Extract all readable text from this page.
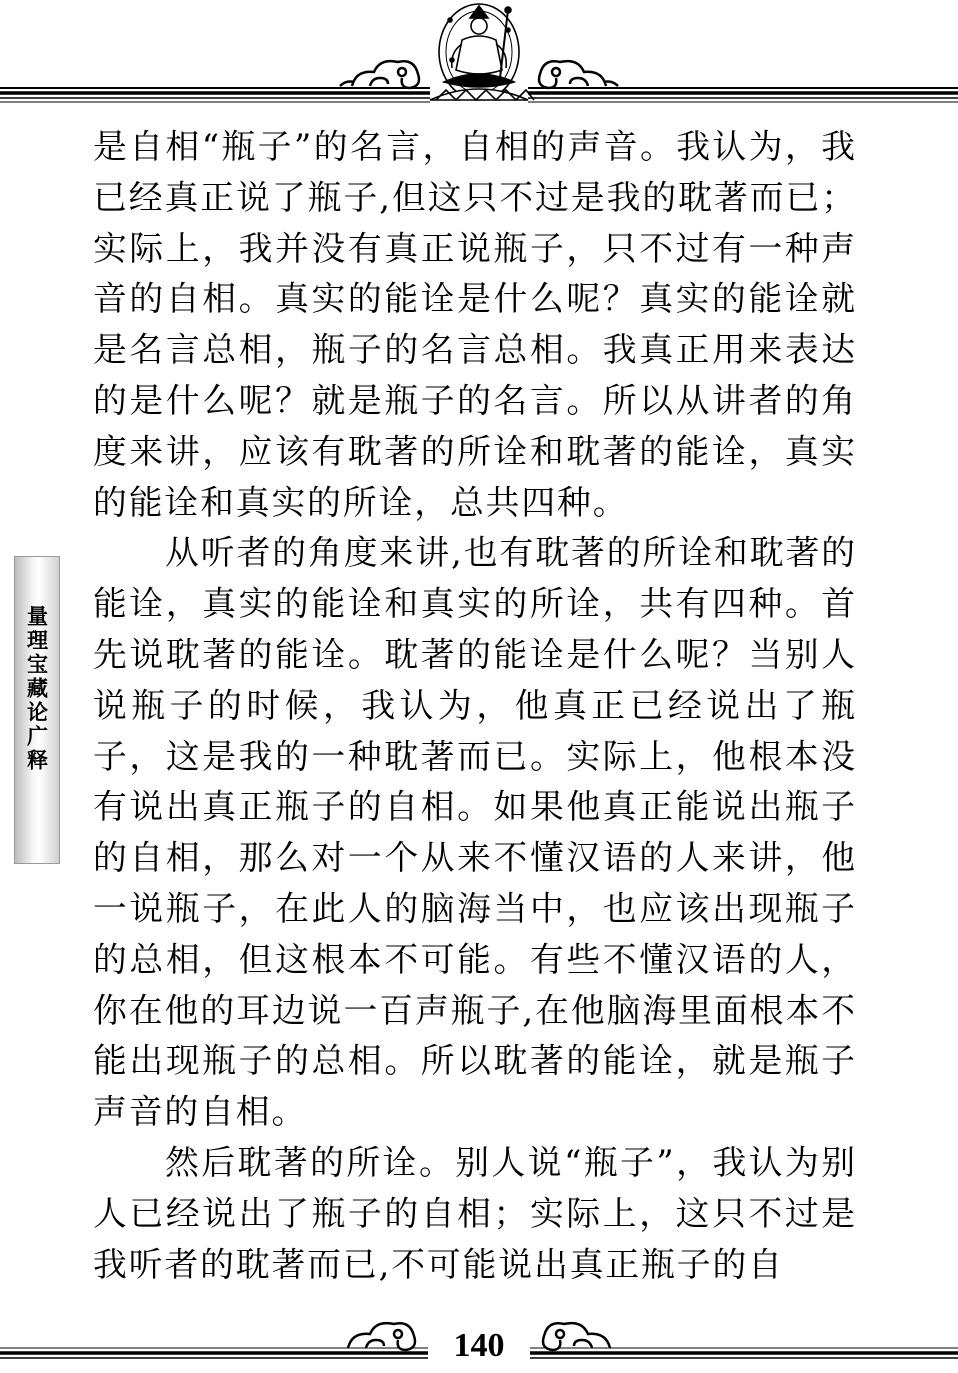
量理宝藏论广释

是自相“瓶子”的名言，自相的声音。我认为，我已经真正说了瓶子,但这只不过是我的耽著而已；实际上，我并没有真正说瓶子，只不过有一种声音的自相。真实的能诠是什么呢？真实的能诠就是名言总相，瓶子的名言总相。我真正用来表达的是什么呢？就是瓶子的名言。所以从讲者的角度来讲，应该有耽著的所诠和耽著的能诠，真实的能诠和真实的所诠，总共四种。

从听者的角度来讲,也有耽著的所诠和耽著的能诠，真实的能诠和真实的所诠，共有四种。首先说耽著的能诠。耽著的能诠是什么呢？当别人说瓶子的时候，我认为，他真正已经说出了瓶子，这是我的一种耽著而已。实际上，他根本没有说出真正瓶子的自相。如果他真正能说出瓶子的自相，那么对一个从来不懂汉语的人来讲，他一说瓶子，在此人的脑海当中，也应该出现瓶子的总相，但这根本不可能。有些不懂汉语的人，你在他的耳边说一百声瓶子,在他脑海里面根本不能出现瓶子的总相。所以耽著的能诠，就是瓶子声音的自相。

然后耽著的所诠。别人说“瓶子”，我认为别人已经说出了瓶子的自相；实际上，这只不过是我听者的耽著而已,不可能说出真正瓶子的自

140
